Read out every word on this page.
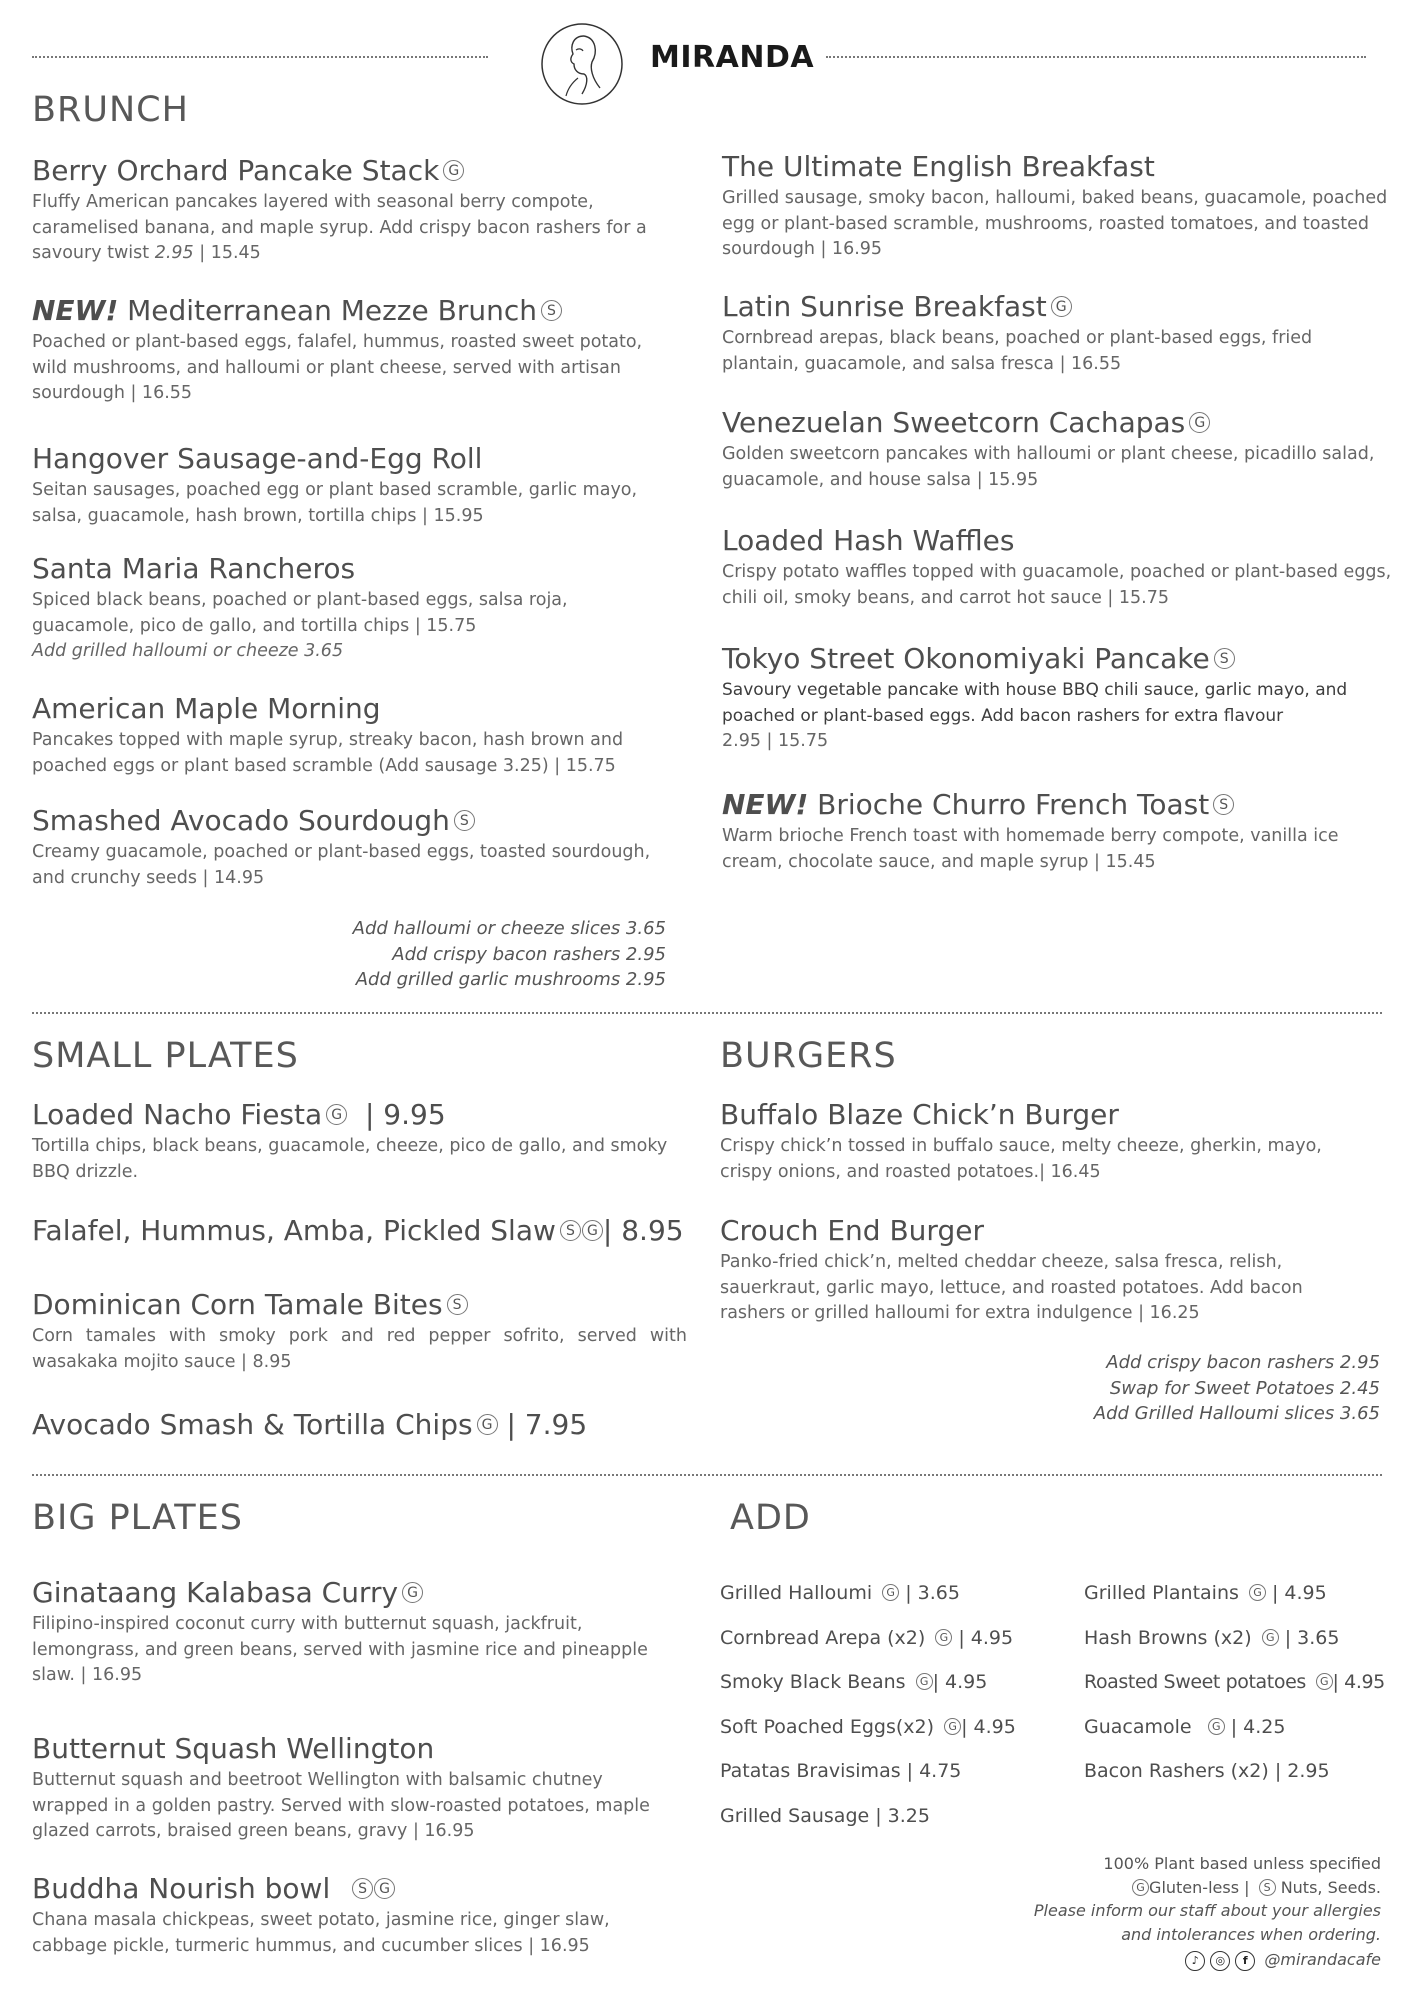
MIRANDA
BRUNCH
Berry Orchard Pancake Stack G

Fluffy American pancakes layered with seasonal berry compote, caramelised banana, and maple syrup. Add crispy bacon rashers for a savoury twist 2.95 | 15.45

NEW! Mediterranean Mezze Brunch S

Poached or plant-based eggs, falafel, hummus, roasted sweet potato, wild mushrooms, and halloumi or plant cheese, served with artisan sourdough | 16.55

Hangover Sausage-and-Egg Roll

Seitan sausages, poached egg or plant based scramble, garlic mayo, salsa, guacamole, hash brown, tortilla chips | 15.95

Santa Maria Rancheros

Spiced black beans, poached or plant-based eggs, salsa roja, guacamole, pico de gallo, and tortilla chips | 15.75

Add grilled halloumi or cheeze 3.65

American Maple Morning

Pancakes topped with maple syrup, streaky bacon, hash brown and poached eggs or plant based scramble (Add sausage 3.25) | 15.75

Smashed Avocado Sourdough S

Creamy guacamole, poached or plant-based eggs, toasted sourdough, and crunchy seeds | 14.95

Add halloumi or cheeze slices 3.65
Add crispy bacon rashers 2.95
Add grilled garlic mushrooms 2.95
The Ultimate English Breakfast

Grilled sausage, smoky bacon, halloumi, baked beans, guacamole, poached egg or plant-based scramble, mushrooms, roasted tomatoes, and toasted sourdough | 16.95

Latin Sunrise Breakfast G

Cornbread arepas, black beans, poached or plant-based eggs, fried plantain, guacamole, and salsa fresca | 16.55

Venezuelan Sweetcorn Cachapas G

Golden sweetcorn pancakes with halloumi or plant cheese, picadillo salad, guacamole, and house salsa | 15.95

Loaded Hash Waffles

Crispy potato waffles topped with guacamole, poached or plant-based eggs, chili oil, smoky beans, and carrot hot sauce | 15.75

Tokyo Street Okonomiyaki Pancake S

Savoury vegetable pancake with house BBQ chili sauce, garlic mayo, and poached or plant-based eggs. Add bacon rashers for extra flavour

2.95 | 15.75

NEW! Brioche Churro French Toast S

Warm brioche French toast with homemade berry compote, vanilla ice cream, chocolate sauce, and maple syrup | 15.45

SMALL PLATES
Loaded Nacho Fiesta G | 9.95

Tortilla chips, black beans, guacamole, cheeze, pico de gallo, and smoky BBQ drizzle.

Falafel, Hummus, Amba, Pickled Slaw S G | 8.95
Dominican Corn Tamale Bites S

Corn tamales with smoky pork and red pepper sofrito, served with wasakaka mojito sauce | 8.95

Avocado Smash & Tortilla Chips G | 7.95
BURGERS
Buffalo Blaze Chick’n Burger

Crispy chick’n tossed in buffalo sauce, melty cheeze, gherkin, mayo, crispy onions, and roasted potatoes.| 16.45

Crouch End Burger

Panko-fried chick’n, melted cheddar cheeze, salsa fresca, relish, sauerkraut, garlic mayo, lettuce, and roasted potatoes. Add bacon rashers or grilled halloumi for extra indulgence | 16.25

Add crispy bacon rashers 2.95
Swap for Sweet Potatoes 2.45
Add Grilled Halloumi slices 3.65
BIG PLATES
Ginataang Kalabasa Curry G

Filipino-inspired coconut curry with butternut squash, jackfruit, lemongrass, and green beans, served with jasmine rice and pineapple slaw. | 16.95

Butternut Squash Wellington

Butternut squash and beetroot Wellington with balsamic chutney wrapped in a golden pastry. Served with slow-roasted potatoes, maple glazed carrots, braised green beans, gravy | 16.95

Buddha Nourish bowl S G

Chana masala chickpeas, sweet potato, jasmine rice, ginger slaw, cabbage pickle, turmeric hummus, and cucumber slices | 16.95

ADD
Grilled Halloumi G | 3.65
Cornbread Arepa (x2) G | 4.95
Smoky Black Beans G | 4.95
Soft Poached Eggs(x2) G | 4.95
Patatas Bravisimas | 4.75
Grilled Sausage | 3.25
Grilled Plantains G | 4.95
Hash Browns (x2) G | 3.65
Roasted Sweet potatoes G | 4.95
Guacamole G | 4.25
Bacon Rashers (x2) | 2.95
100% Plant based unless specified
G Gluten-less | S Nuts, Seeds.
Please inform our staff about your allergies
and intolerances when ordering.
♪ ◎ f @mirandacafe
